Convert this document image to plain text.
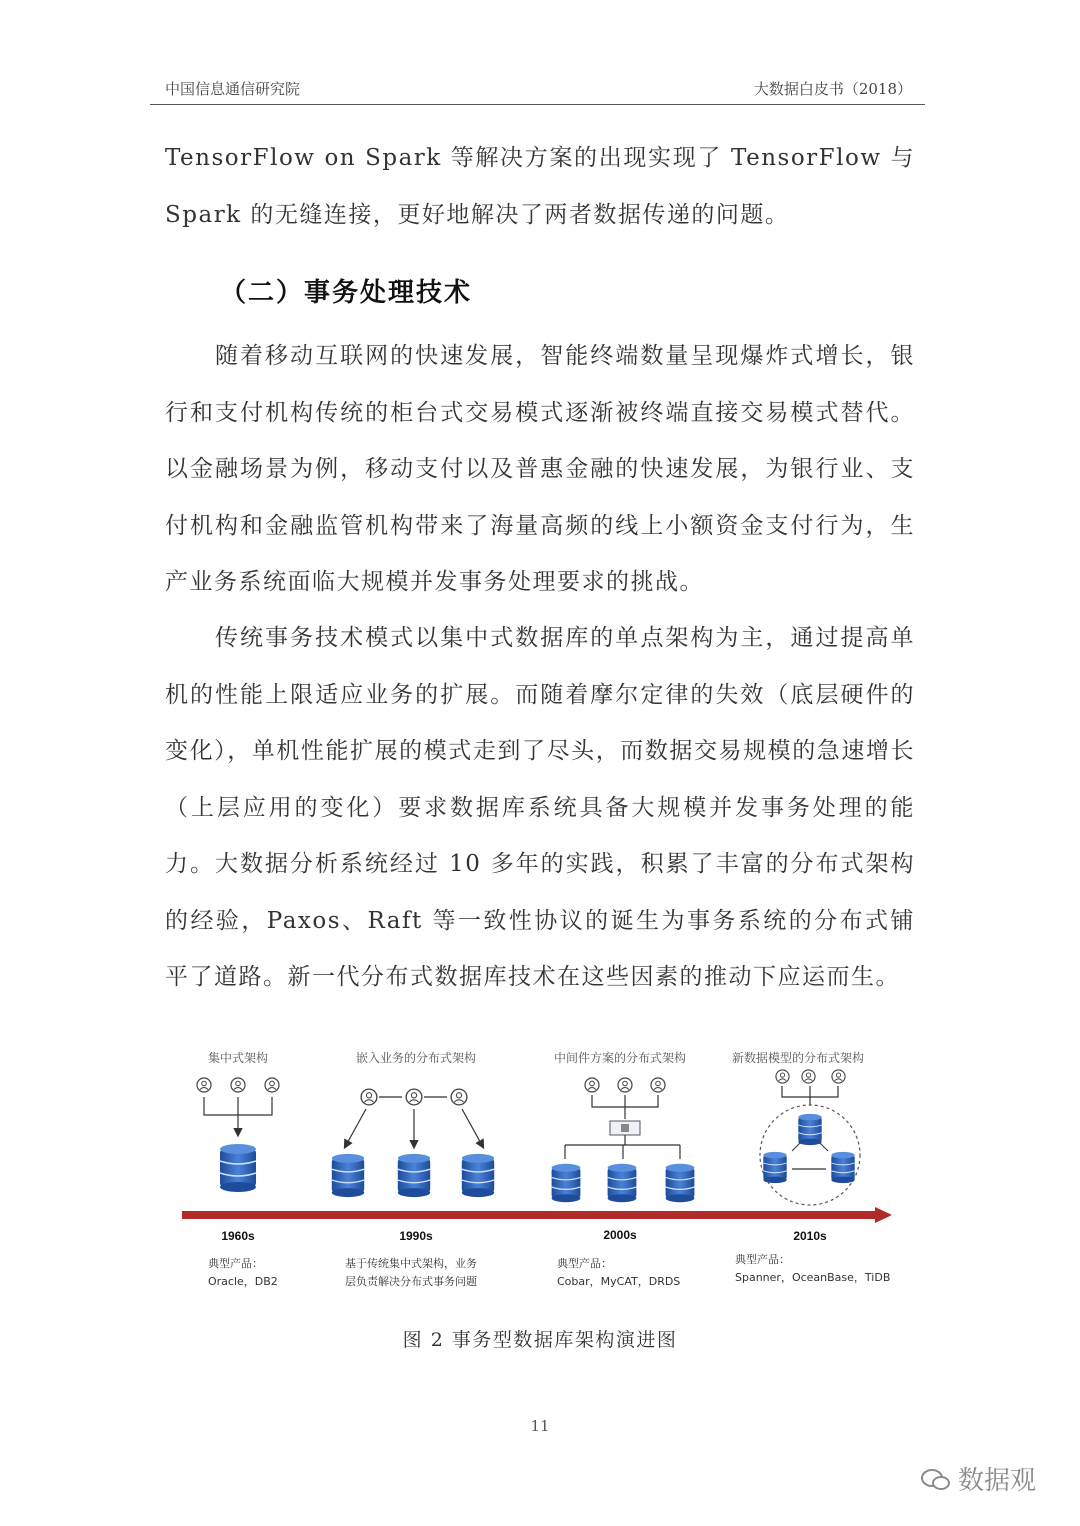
中国信息通信研究院	大数据白皮书（2018）
TensorFlow on Spark 等解决方案的出现实现了 TensorFlow 与 Spark 的无缝连接，更好地解决了两者数据传递的问题。
（二）事务处理技术
随着移动互联网的快速发展，智能终端数量呈现爆炸式增长，银行和支付机构传统的柜台式交易模式逐渐被终端直接交易模式替代。以金融场景为例，移动支付以及普惠金融的快速发展，为银行业、支付机构和金融监管机构带来了海量高频的线上小额资金支付行为，生产业务系统面临大规模并发事务处理要求的挑战。
传统事务技术模式以集中式数据库的单点架构为主，通过提高单机的性能上限适应业务的扩展。而随着摩尔定律的失效（底层硬件的变化），单机性能扩展的模式走到了尽头，而数据交易规模的急速增长（上层应用的变化）要求数据库系统具备大规模并发事务处理的能力。大数据分析系统经过 10 多年的实践，积累了丰富的分布式架构的经验，Paxos、Raft 等一致性协议的诞生为事务系统的分布式铺平了道路。新一代分布式数据库技术在这些因素的推动下应运而生。
集中式架构
1960s
典型产品：
Oracle，DB2
嵌入业务的分布式架构
1990s
基于传统集中式架构，业务
层负责解决分布式事务问题
中间件方案的分布式架构
2000s
典型产品：
Cobar，MyCAT，DRDS
新数据模型的分布式架构
2010s
典型产品：
Spanner，OceanBase，TiDB
图 2 事务型数据库架构演进图
11
数据观
